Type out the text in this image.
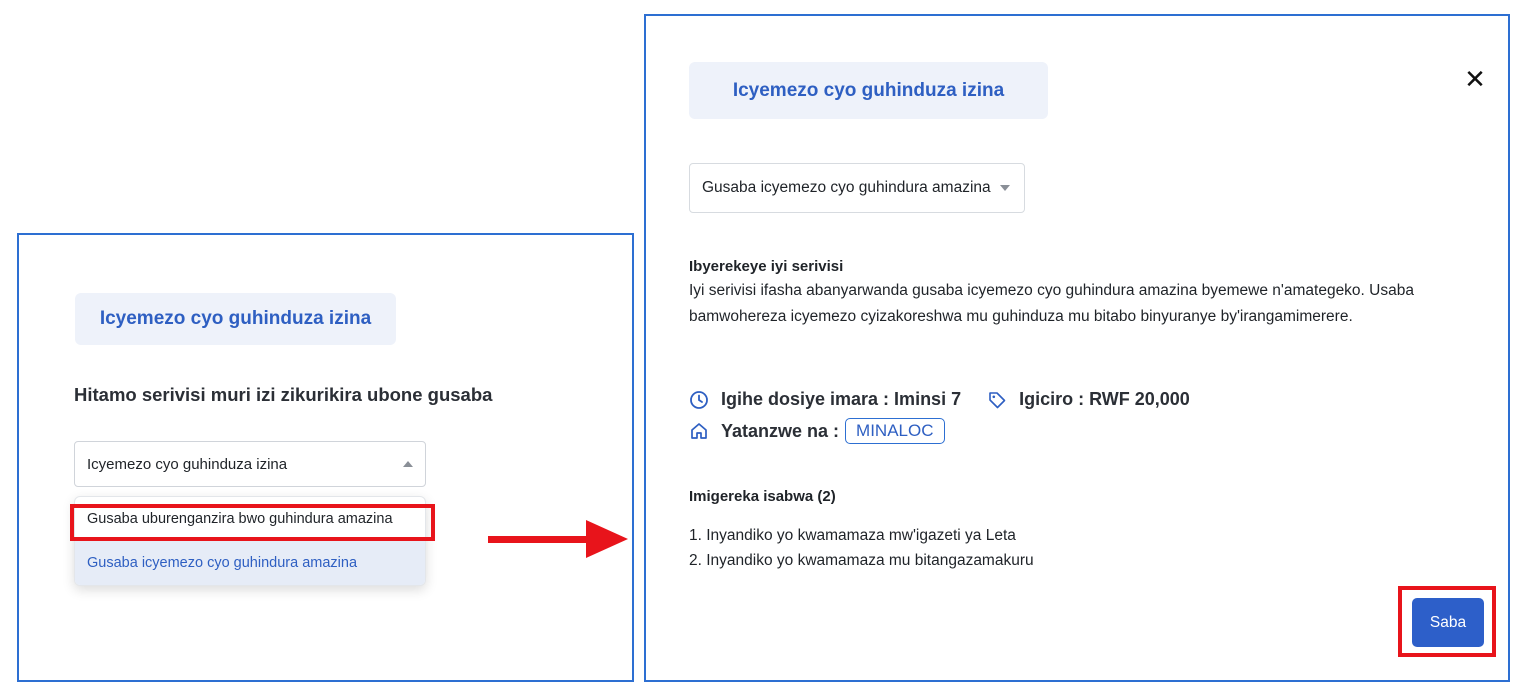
Icyemezo cyo guhinduza izina
Hitamo serivisi muri izi zikurikira ubone gusaba
Icyemezo cyo guhinduza izina
Gusaba uburenganzira bwo guhindura amazina
Gusaba icyemezo cyo guhindura amazina
Icyemezo cyo guhinduza izina	✕
Gusaba icyemezo cyo guhindura amazina
Ibyerekeye iyi serivisi
Iyi serivisi ifasha abanyarwanda gusaba icyemezo cyo guhindura amazina byemewe n'amategeko. Usaba bamwohereza icyemezo cyizakoreshwa mu guhinduza mu bitabo binyuranye by'irangamimerere.
Igihe dosiye imara : Iminsi 7	Igiciro : RWF 20,000
Yatanzwe na :	MINALOC
Imigereka isabwa (2)
1. Inyandiko yo kwamamaza mw'igazeti ya Leta
2. Inyandiko yo kwamamaza mu bitangazamakuru
Saba
